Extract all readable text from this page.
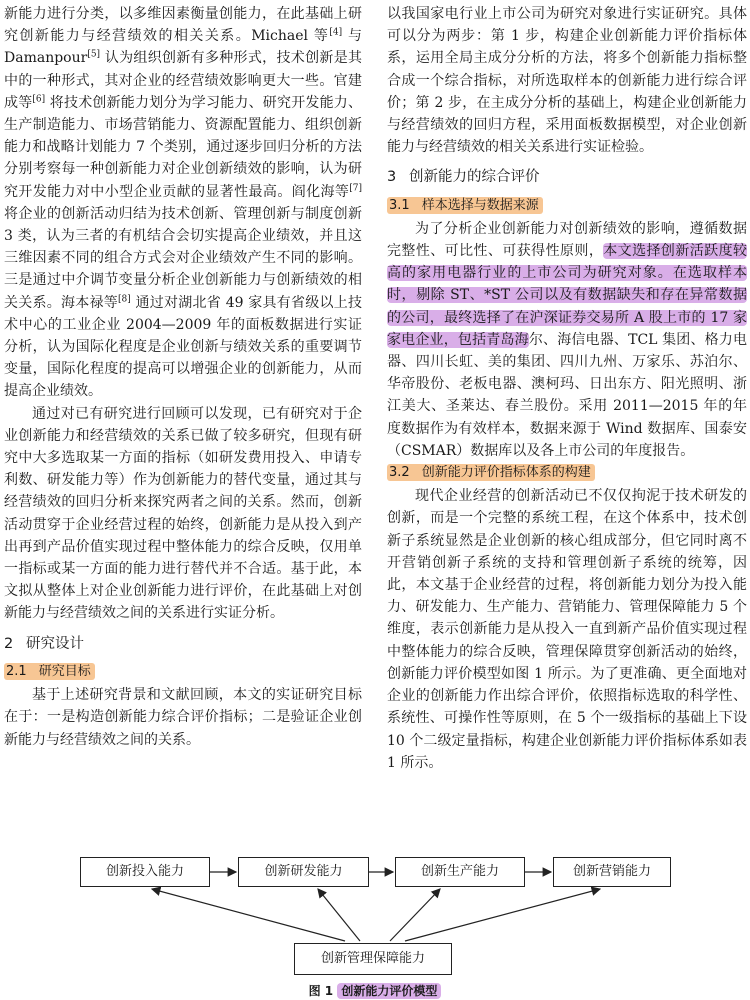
新能力进行分类，以多维因素衡量创能力，在此基础上研究创新能力与经营绩效的相关关系。Michael 等[4] 与 Damanpour[5] 认为组织创新有多种形式，技术创新是其中的一种形式，其对企业的经营绩效影响更大一些。官建成等[6] 将技术创新能力划分为学习能力、研究开发能力、生产制造能力、市场营销能力、资源配置能力、组织创新能力和战略计划能力 7 个类别，通过逐步回归分析的方法分别考察每一种创新能力对企业创新绩效的影响，认为研究开发能力对中小型企业贡献的显著性最高。阎化海等[7] 将企业的创新活动归结为技术创新、管理创新与制度创新 3 类，认为三者的有机结合会切实提高企业绩效，并且这三维因素不同的组合方式会对企业绩效产生不同的影响。三是通过中介调节变量分析企业创新能力与创新绩效的相关关系。海本禄等[8] 通过对湖北省 49 家具有省级以上技术中心的工业企业 2004—2009 年的面板数据进行实证分析，认为国际化程度是企业创新与绩效关系的重要调节变量，国际化程度的提高可以增强企业的创新能力，从而提高企业绩效。

通过对已有研究进行回顾可以发现，已有研究对于企业创新能力和经营绩效的关系已做了较多研究，但现有研究中大多选取某一方面的指标（如研发费用投入、申请专利数、研发能力等）作为创新能力的替代变量，通过其与经营绩效的回归分析来探究两者之间的关系。然而，创新活动贯穿于企业经营过程的始终，创新能力是从投入到产出再到产品价值实现过程中整体能力的综合反映，仅用单一指标或某一方面的能力进行替代并不合适。基于此，本文拟从整体上对企业创新能力进行评价，在此基础上对创新能力与经营绩效之间的关系进行实证分析。

2 研究设计
2.1 研究目标

基于上述研究背景和文献回顾，本文的实证研究目标在于：一是构造创新能力综合评价指标；二是验证企业创新能力与经营绩效之间的关系。

以我国家电行业上市公司为研究对象进行实证研究。具体可以分为两步：第 1 步，构建企业创新能力评价指标体系，运用全局主成分分析的方法，将多个创新能力指标整合成一个综合指标，对所选取样本的创新能力进行综合评价；第 2 步，在主成分分析的基础上，构建企业创新能力与经营绩效的回归方程，采用面板数据模型，对企业创新能力与经营绩效的相关关系进行实证检验。

3 创新能力的综合评价
3.1 样本选择与数据来源

为了分析企业创新能力对创新绩效的影响，遵循数据完整性、可比性、可获得性原则，本文选择创新活跃度较高的家用电器行业的上市公司为研究对象。在选取样本时，剔除 ST、*ST 公司以及有数据缺失和存在异常数据的公司，最终选择了在沪深证券交易所 A 股上市的 17 家家电企业，包括青岛海尔、海信电器、TCL 集团、格力电器、四川长虹、美的集团、四川九州、万家乐、苏泊尔、华帝股份、老板电器、澳柯玛、日出东方、阳光照明、浙江美大、圣莱达、春兰股份。采用 2011—2015 年的年度数据作为有效样本，数据来源于 Wind 数据库、国泰安（CSMAR）数据库以及各上市公司的年度报告。

3.2 创新能力评价指标体系的构建

现代企业经营的创新活动已不仅仅拘泥于技术研发的创新，而是一个完整的系统工程，在这个体系中，技术创新子系统显然是企业创新的核心组成部分，但它同时离不开营销创新子系统的支持和管理创新子系统的统筹，因此，本文基于企业经营的过程，将创新能力划分为投入能力、研发能力、生产能力、营销能力、管理保障能力 5 个维度，表示创新能力是从投入一直到新产品价值实现过程中整体能力的综合反映，管理保障贯穿创新活动的始终，创新能力评价模型如图 1 所示。为了更准确、更全面地对企业的创新能力作出综合评价，依照指标选取的科学性、系统性、可操作性等原则，在 5 个一级指标的基础上下设 10 个二级定量指标，构建企业创新能力评价指标体系如表 1 所示。

创新投入能力	创新研发能力	创新生产能力	创新营销能力
创新管理保障能力
图 1 创新能力评价模型
